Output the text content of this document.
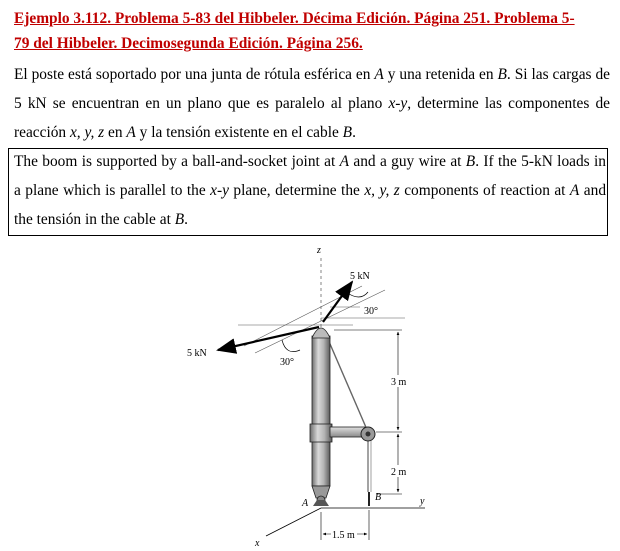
Ejemplo 3.112. Problema 5-83 del Hibbeler. Décima Edición. Página 251. Problema 5-
79 del Hibbeler. Decimosegunda Edición. Página 256.
El poste está soportado por una junta de rótula esférica en A y una retenida en B. Si las cargas de 5 kN se encuentran en un plano que es paralelo al plano x-y, determine las componentes de reacción x, y, z en A y la tensión existente en el cable B.
The boom is supported by a ball-and-socket joint at A and a guy wire at B. If the 5-kN loads in a plane which is parallel to the x-y plane, determine the x, y, z components of reaction at A and the tensión in the cable at B.
z
y
x
B
A
5 kN
30°
5 kN
30°
3 m
2 m
1.5 m
